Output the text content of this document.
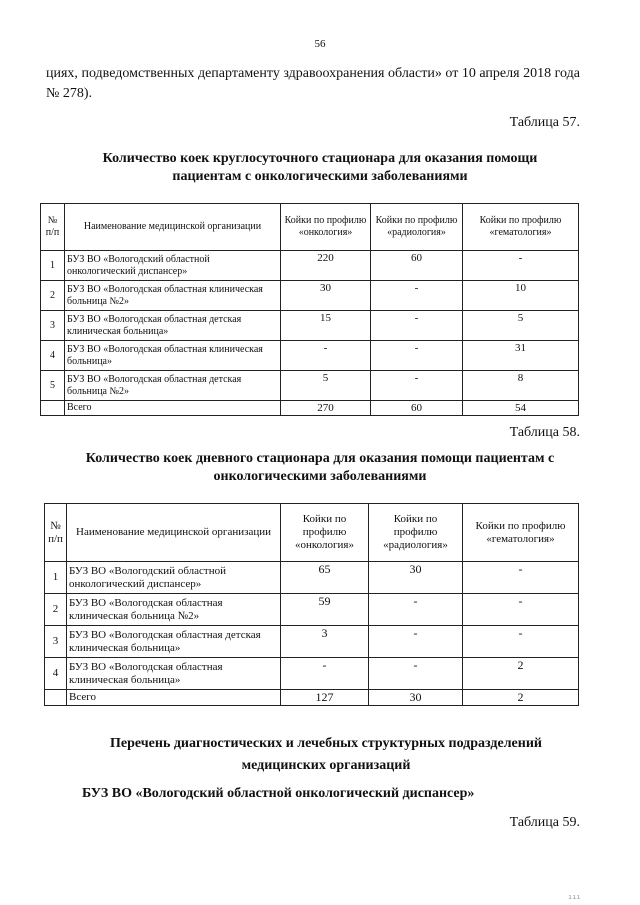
56
циях, подведомственных департаменту здравоохранения области» от 10 апреля 2018 года № 278).
Таблица 57.
Количество коек круглосуточного стационара для оказания помощи пациентам с онкологическими заболеваниями
№ п/п	Наименование медицинской организации	Койки по профилю «онкология»	Койки по профилю «радиология»	Койки по профилю «гематология»
1	БУЗ ВО «Вологодский областной онкологический диспансер»	220	60	-
2	БУЗ ВО «Вологодская областная клиническая больница №2»	30	-	10
3	БУЗ ВО «Вологодская областная детская клиническая больница»	15	-	5
4	БУЗ ВО «Вологодская областная клиническая больница»	-	-	31
5	БУЗ ВО «Вологодская областная детская больница №2»	5	-	8
	Всего	270	60	54
Таблица 58.
Количество коек дневного стационара для оказания помощи пациентам с онкологическими заболеваниями
№ п/п	Наименование медицинской организации	Койки по профилю «онкология»	Койки по профилю «радиология»	Койки по профилю «гематология»
1	БУЗ ВО «Вологодский областной онкологический диспансер»	65	30	-
2	БУЗ ВО «Вологодская областная клиническая больница №2»	59	-	-
3	БУЗ ВО «Вологодская областная детская клиническая больница»	3	-	-
4	БУЗ ВО «Вологодская областная клиническая больница»	-	-	2
	Всего	127	30	2
Перечень диагностических и лечебных структурных подразделений медицинских организаций
БУЗ ВО «Вологодский областной онкологический диспансер»
Таблица 59.
ııı
